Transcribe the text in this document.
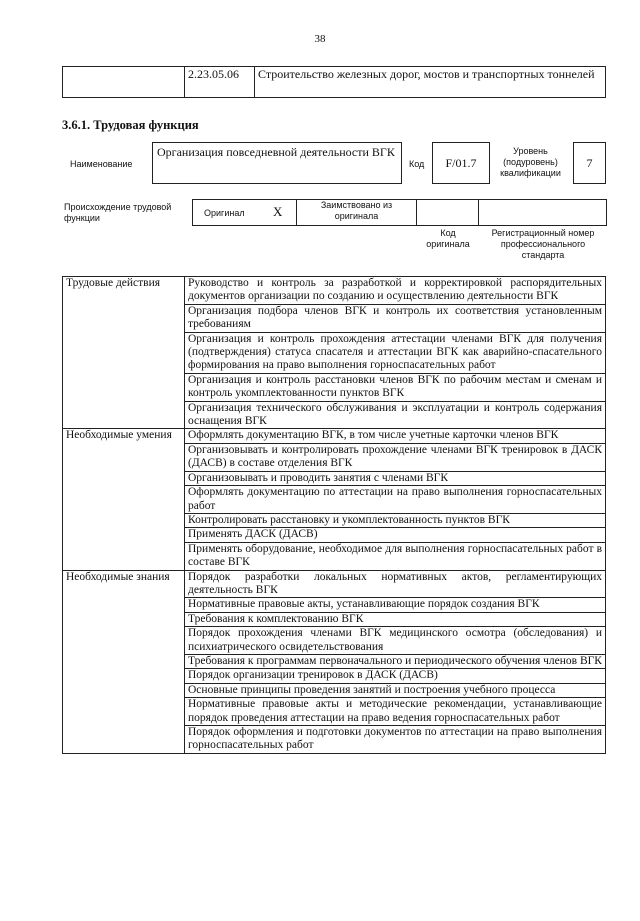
38
	2.23.05.06	Строительство железных дорог, мостов и транспортных тоннелей
3.6.1. Трудовая функция
Наименование
Организация повседневной деятельности ВГК
Код	F/01.7
Уровень (подуровень) квалификации
7
Происхождение трудовой функции	Оригинал X	Заимствовано из оригинала
Код оригинала
Регистрационный номер профессионального стандарта
Трудовые действия	Руководство и контроль за разработкой и корректировкой распорядительных документов организации по созданию и осуществлению деятельности ВГК
	Организация подбора членов ВГК и контроль их соответствия установленным требованиям
	Организация и контроль прохождения аттестации членами ВГК для получения (подтверждения) статуса спасателя и аттестации ВГК как аварийно-спасательного формирования на право выполнения горноспасательных работ
	Организация и контроль расстановки членов ВГК по рабочим местам и сменам и контроль укомплектованности пунктов ВГК
	Организация технического обслуживания и эксплуатации и контроль содержания оснащения ВГК
Необходимые умения	Оформлять документацию ВГК, в том числе учетные карточки членов ВГК
	Организовывать и контролировать прохождение членами ВГК тренировок в ДАСК (ДАСВ) в составе отделения ВГК
	Организовывать и проводить занятия с членами ВГК
	Оформлять документацию по аттестации на право выполнения горноспасательных работ
	Контролировать расстановку и укомплектованность пунктов ВГК
	Применять ДАСК (ДАСВ)
	Применять оборудование, необходимое для выполнения горноспасательных работ в составе ВГК
Необходимые знания	Порядок разработки локальных нормативных актов, регламентирующих деятельность ВГК
	Нормативные правовые акты, устанавливающие порядок создания ВГК
	Требования к комплектованию ВГК
	Порядок прохождения членами ВГК медицинского осмотра (обследования) и психиатрического освидетельствования
	Требования к программам первоначального и периодического обучения членов ВГК
	Порядок организации тренировок в ДАСК (ДАСВ)
	Основные принципы проведения занятий и построения учебного процесса
	Нормативные правовые акты и методические рекомендации, устанавливающие порядок проведения аттестации на право ведения горноспасательных работ
	Порядок оформления и подготовки документов по аттестации на право выполнения горноспасательных работ
